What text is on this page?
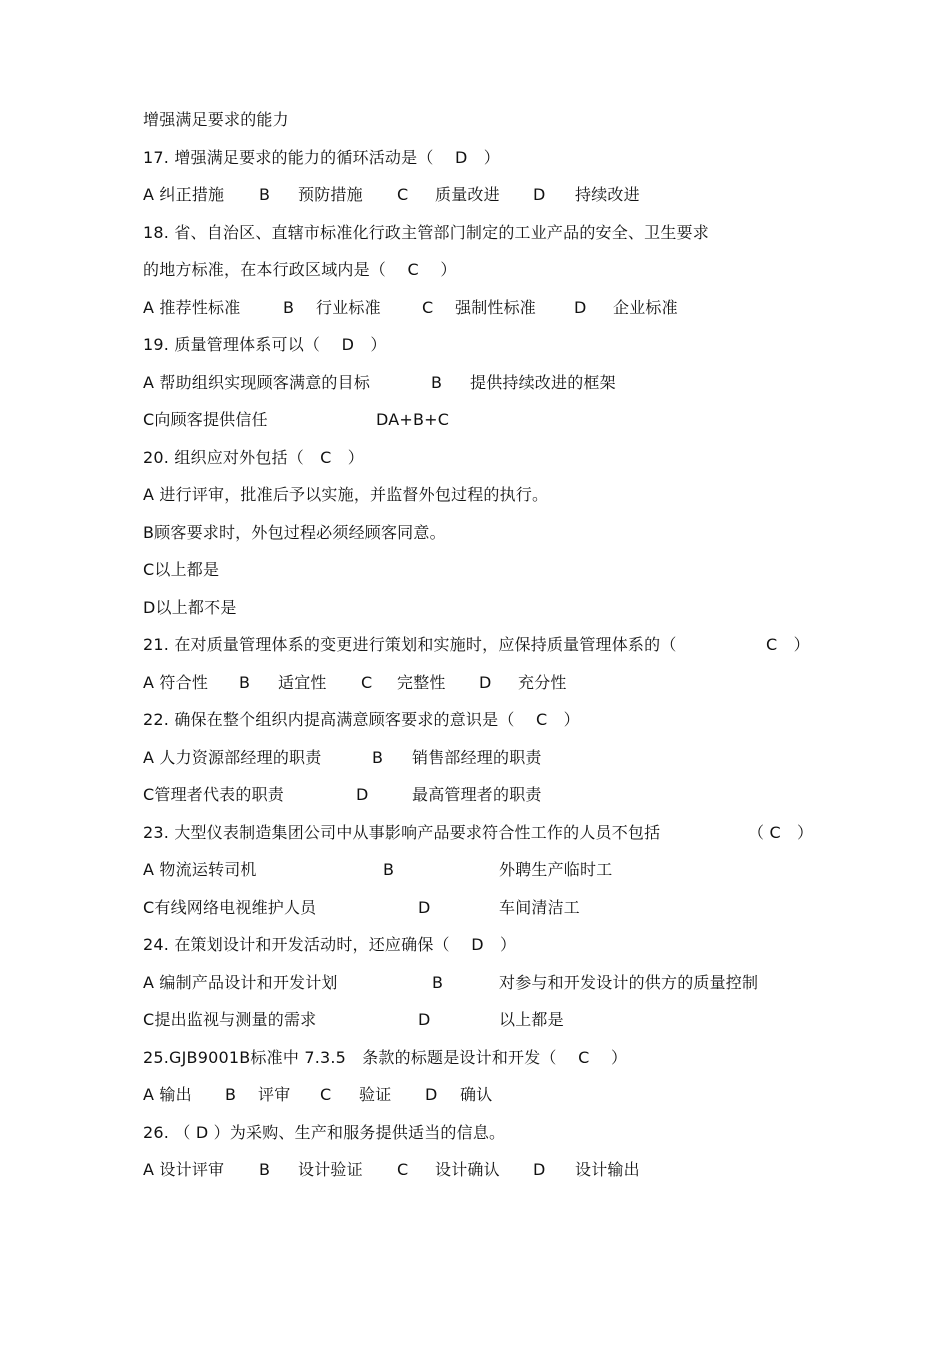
增强满足要求的能力
17. 增强满足要求的能力的循环活动是（　 D　）
A 纠正措施 B 预防措施 C 质量改进 D 持续改进
18. 省、自治区、直辖市标准化行政主管部门制定的工业产品的安全、卫生要求
的地方标准，在本行政区域内是（　 C　 ）
A 推荐性标准	B 行业标准	C 强制性标准 D 企业标准
19. 质量管理体系可以（　 D　）
A 帮助组织实现顾客满意的目标	B 提供持续改进的框架
C向顾客提供信任	DA+B+C
20. 组织应对外包括（　C　）
A 进行评审，批准后予以实施，并监督外包过程的执行。
B顾客要求时，外包过程必须经顾客同意。
C以上都是
D以上都不是
21. 在对质量管理体系的变更进行策划和实施时，应保持质量管理体系的（	C　）
A 符合性 B 适宜性 C 完整性 D 充分性
22. 确保在整个组织内提高满意顾客要求的意识是（　 C　）
A 人力资源部经理的职责	B 销售部经理的职责
C管理者代表的职责	D	最高管理者的职责
23. 大型仪表制造集团公司中从事影响产品要求符合性工作的人员不包括	（ C　）
A 物流运转司机	B	外聘生产临时工
C有线网络电视维护人员	D	车间清洁工
24. 在策划设计和开发活动时，还应确保（　 D　）
A 编制产品设计和开发计划	B	对参与和开发设计的供方的质量控制
C提出监视与测量的需求	D	以上都是
25.GJB9001B标准中 7.3.5　条款的标题是设计和开发（　 C　 ）
A 输出 B 评审 C 验证 D 确认
26. （ D ）为采购、生产和服务提供适当的信息。
A 设计评审 B 设计验证 C 设计确认 D 设计输出
